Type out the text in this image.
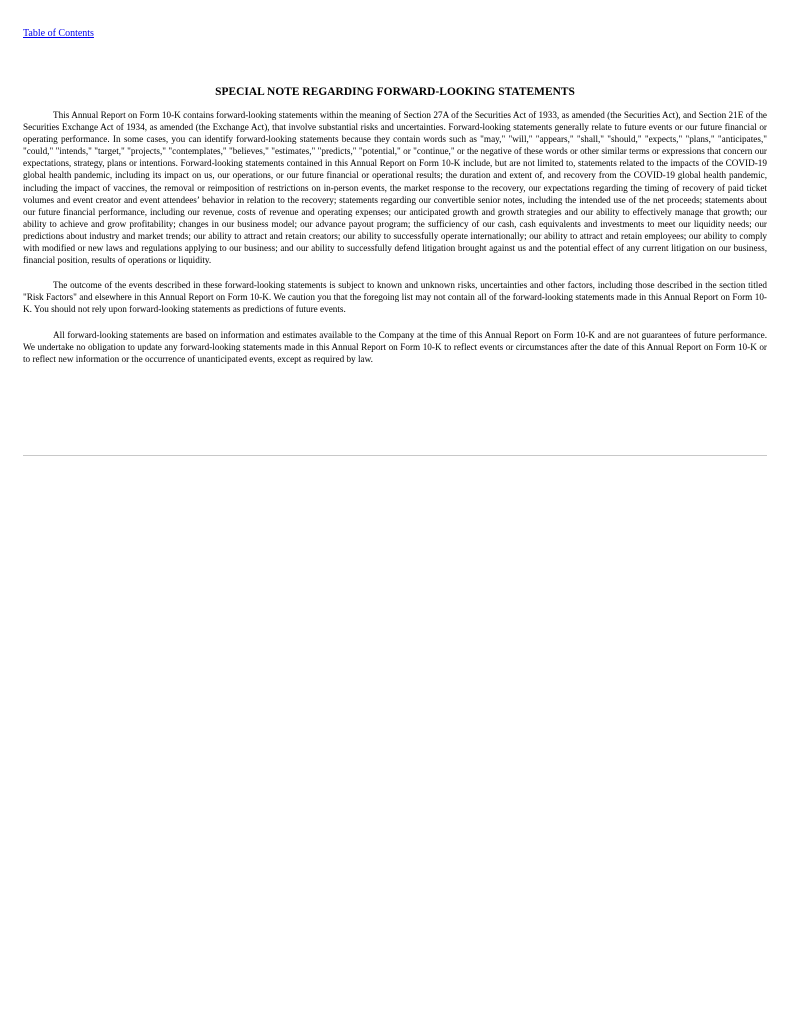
Table of Contents
SPECIAL NOTE REGARDING FORWARD-LOOKING STATEMENTS

This Annual Report on Form 10-K contains forward-looking statements within the meaning of Section 27A of the Securities Act of 1933, as amended (the Securities Act), and Section 21E of the Securities Exchange Act of 1934, as amended (the Exchange Act), that involve substantial risks and uncertainties. Forward-looking statements generally relate to future events or our future financial or operating performance. In some cases, you can identify forward-looking statements because they contain words such as "may," "will," "appears," "shall," "should," "expects," "plans," "anticipates," "could," "intends," "target," "projects," "contemplates," "believes," "estimates," "predicts," "potential," or "continue," or the negative of these words or other similar terms or expressions that concern our expectations, strategy, plans or intentions. Forward-looking statements contained in this Annual Report on Form 10-K include, but are not limited to, statements related to the impacts of the COVID-19 global health pandemic, including its impact on us, our operations, or our future financial or operational results; the duration and extent of, and recovery from the COVID-19 global health pandemic, including the impact of vaccines, the removal or reimposition of restrictions on in-person events, the market response to the recovery, our expectations regarding the timing of recovery of paid ticket volumes and event creator and event attendees’ behavior in relation to the recovery; statements regarding our convertible senior notes, including the intended use of the net proceeds; statements about our future financial performance, including our revenue, costs of revenue and operating expenses; our anticipated growth and growth strategies and our ability to effectively manage that growth; our ability to achieve and grow profitability; changes in our business model; our advance payout program; the sufficiency of our cash, cash equivalents and investments to meet our liquidity needs; our predictions about industry and market trends; our ability to attract and retain creators; our ability to successfully operate internationally; our ability to attract and retain employees; our ability to comply with modified or new laws and regulations applying to our business; and our ability to successfully defend litigation brought against us and the potential effect of any current litigation on our business, financial position, results of operations or liquidity.

The outcome of the events described in these forward-looking statements is subject to known and unknown risks, uncertainties and other factors, including those described in the section titled "Risk Factors" and elsewhere in this Annual Report on Form 10-K. We caution you that the foregoing list may not contain all of the forward-looking statements made in this Annual Report on Form 10-K. You should not rely upon forward-looking statements as predictions of future events.

All forward-looking statements are based on information and estimates available to the Company at the time of this Annual Report on Form 10-K and are not guarantees of future performance. We undertake no obligation to update any forward-looking statements made in this Annual Report on Form 10-K to reflect events or circumstances after the date of this Annual Report on Form 10-K or to reflect new information or the occurrence of unanticipated events, except as required by law.
